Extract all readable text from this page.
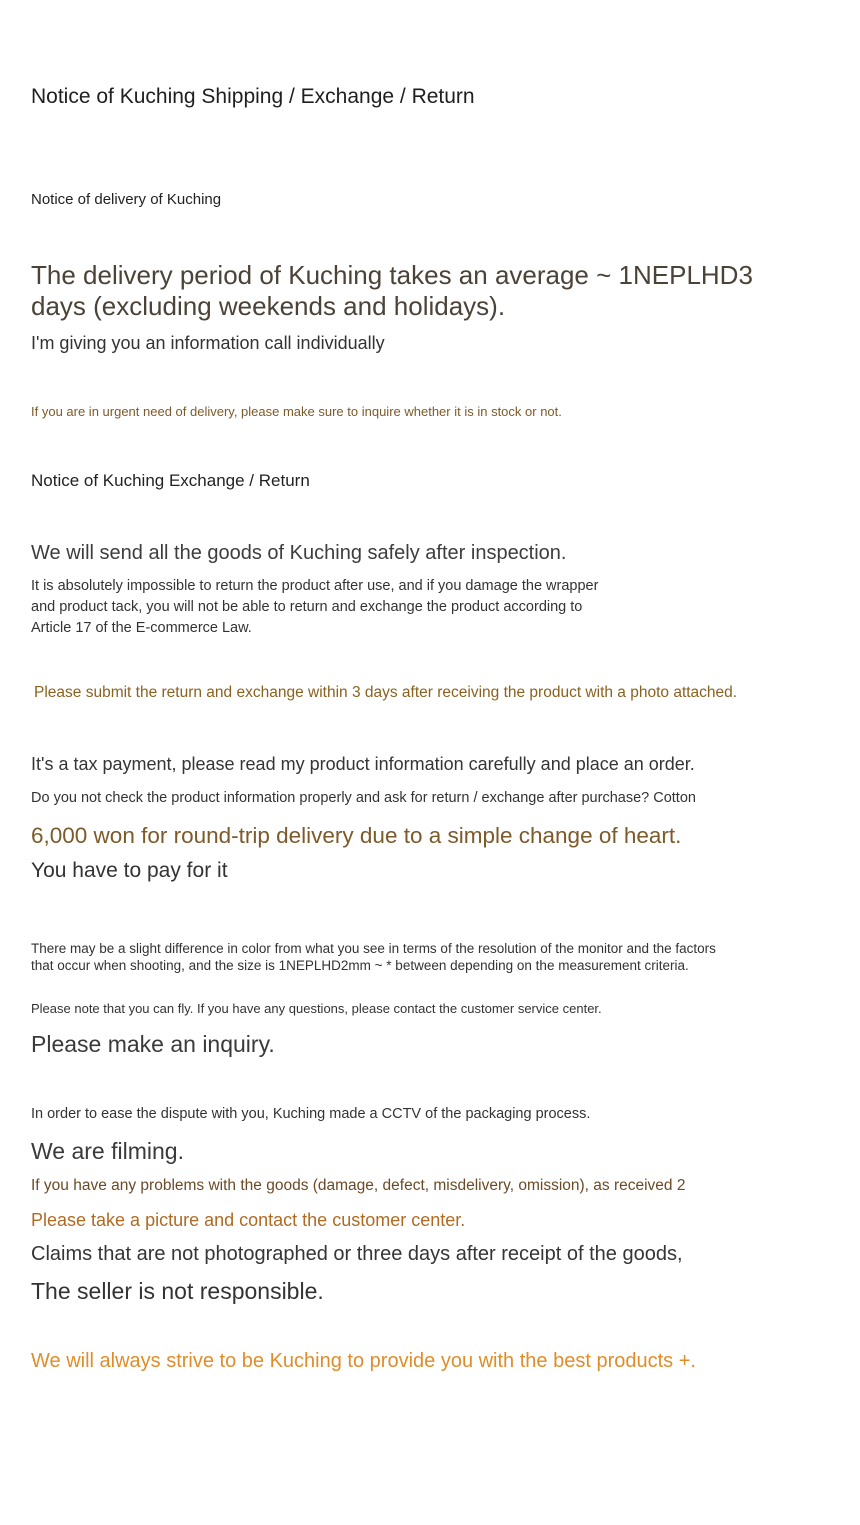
Notice of Kuching Shipping / Exchange / Return

Notice of delivery of Kuching

The delivery period of Kuching takes an average ~ 1NEPLHD3

days (excluding weekends and holidays).

I'm giving you an information call individually

If you are in urgent need of delivery, please make sure to inquire whether it is in stock or not.

Notice of Kuching Exchange / Return

We will send all the goods of Kuching safely after inspection.

It is absolutely impossible to return the product after use, and if you damage the wrapper

and product tack, you will not be able to return and exchange the product according to

Article 17 of the E-commerce Law.

Please submit the return and exchange within 3 days after receiving the product with a photo attached.

It's a tax payment, please read my product information carefully and place an order.

Do you not check the product information properly and ask for return / exchange after purchase? Cotton

6,000 won for round-trip delivery due to a simple change of heart.

You have to pay for it

There may be a slight difference in color from what you see in terms of the resolution of the monitor and the factors

that occur when shooting, and the size is 1NEPLHD2mm ~ * between depending on the measurement criteria.

Please note that you can fly. If you have any questions, please contact the customer service center.

Please make an inquiry.

In order to ease the dispute with you, Kuching made a CCTV of the packaging process.

We are filming.

If you have any problems with the goods (damage, defect, misdelivery, omission), as received 2

Please take a picture and contact the customer center.

Claims that are not photographed or three days after receipt of the goods,

The seller is not responsible.

We will always strive to be Kuching to provide you with the best products +.
